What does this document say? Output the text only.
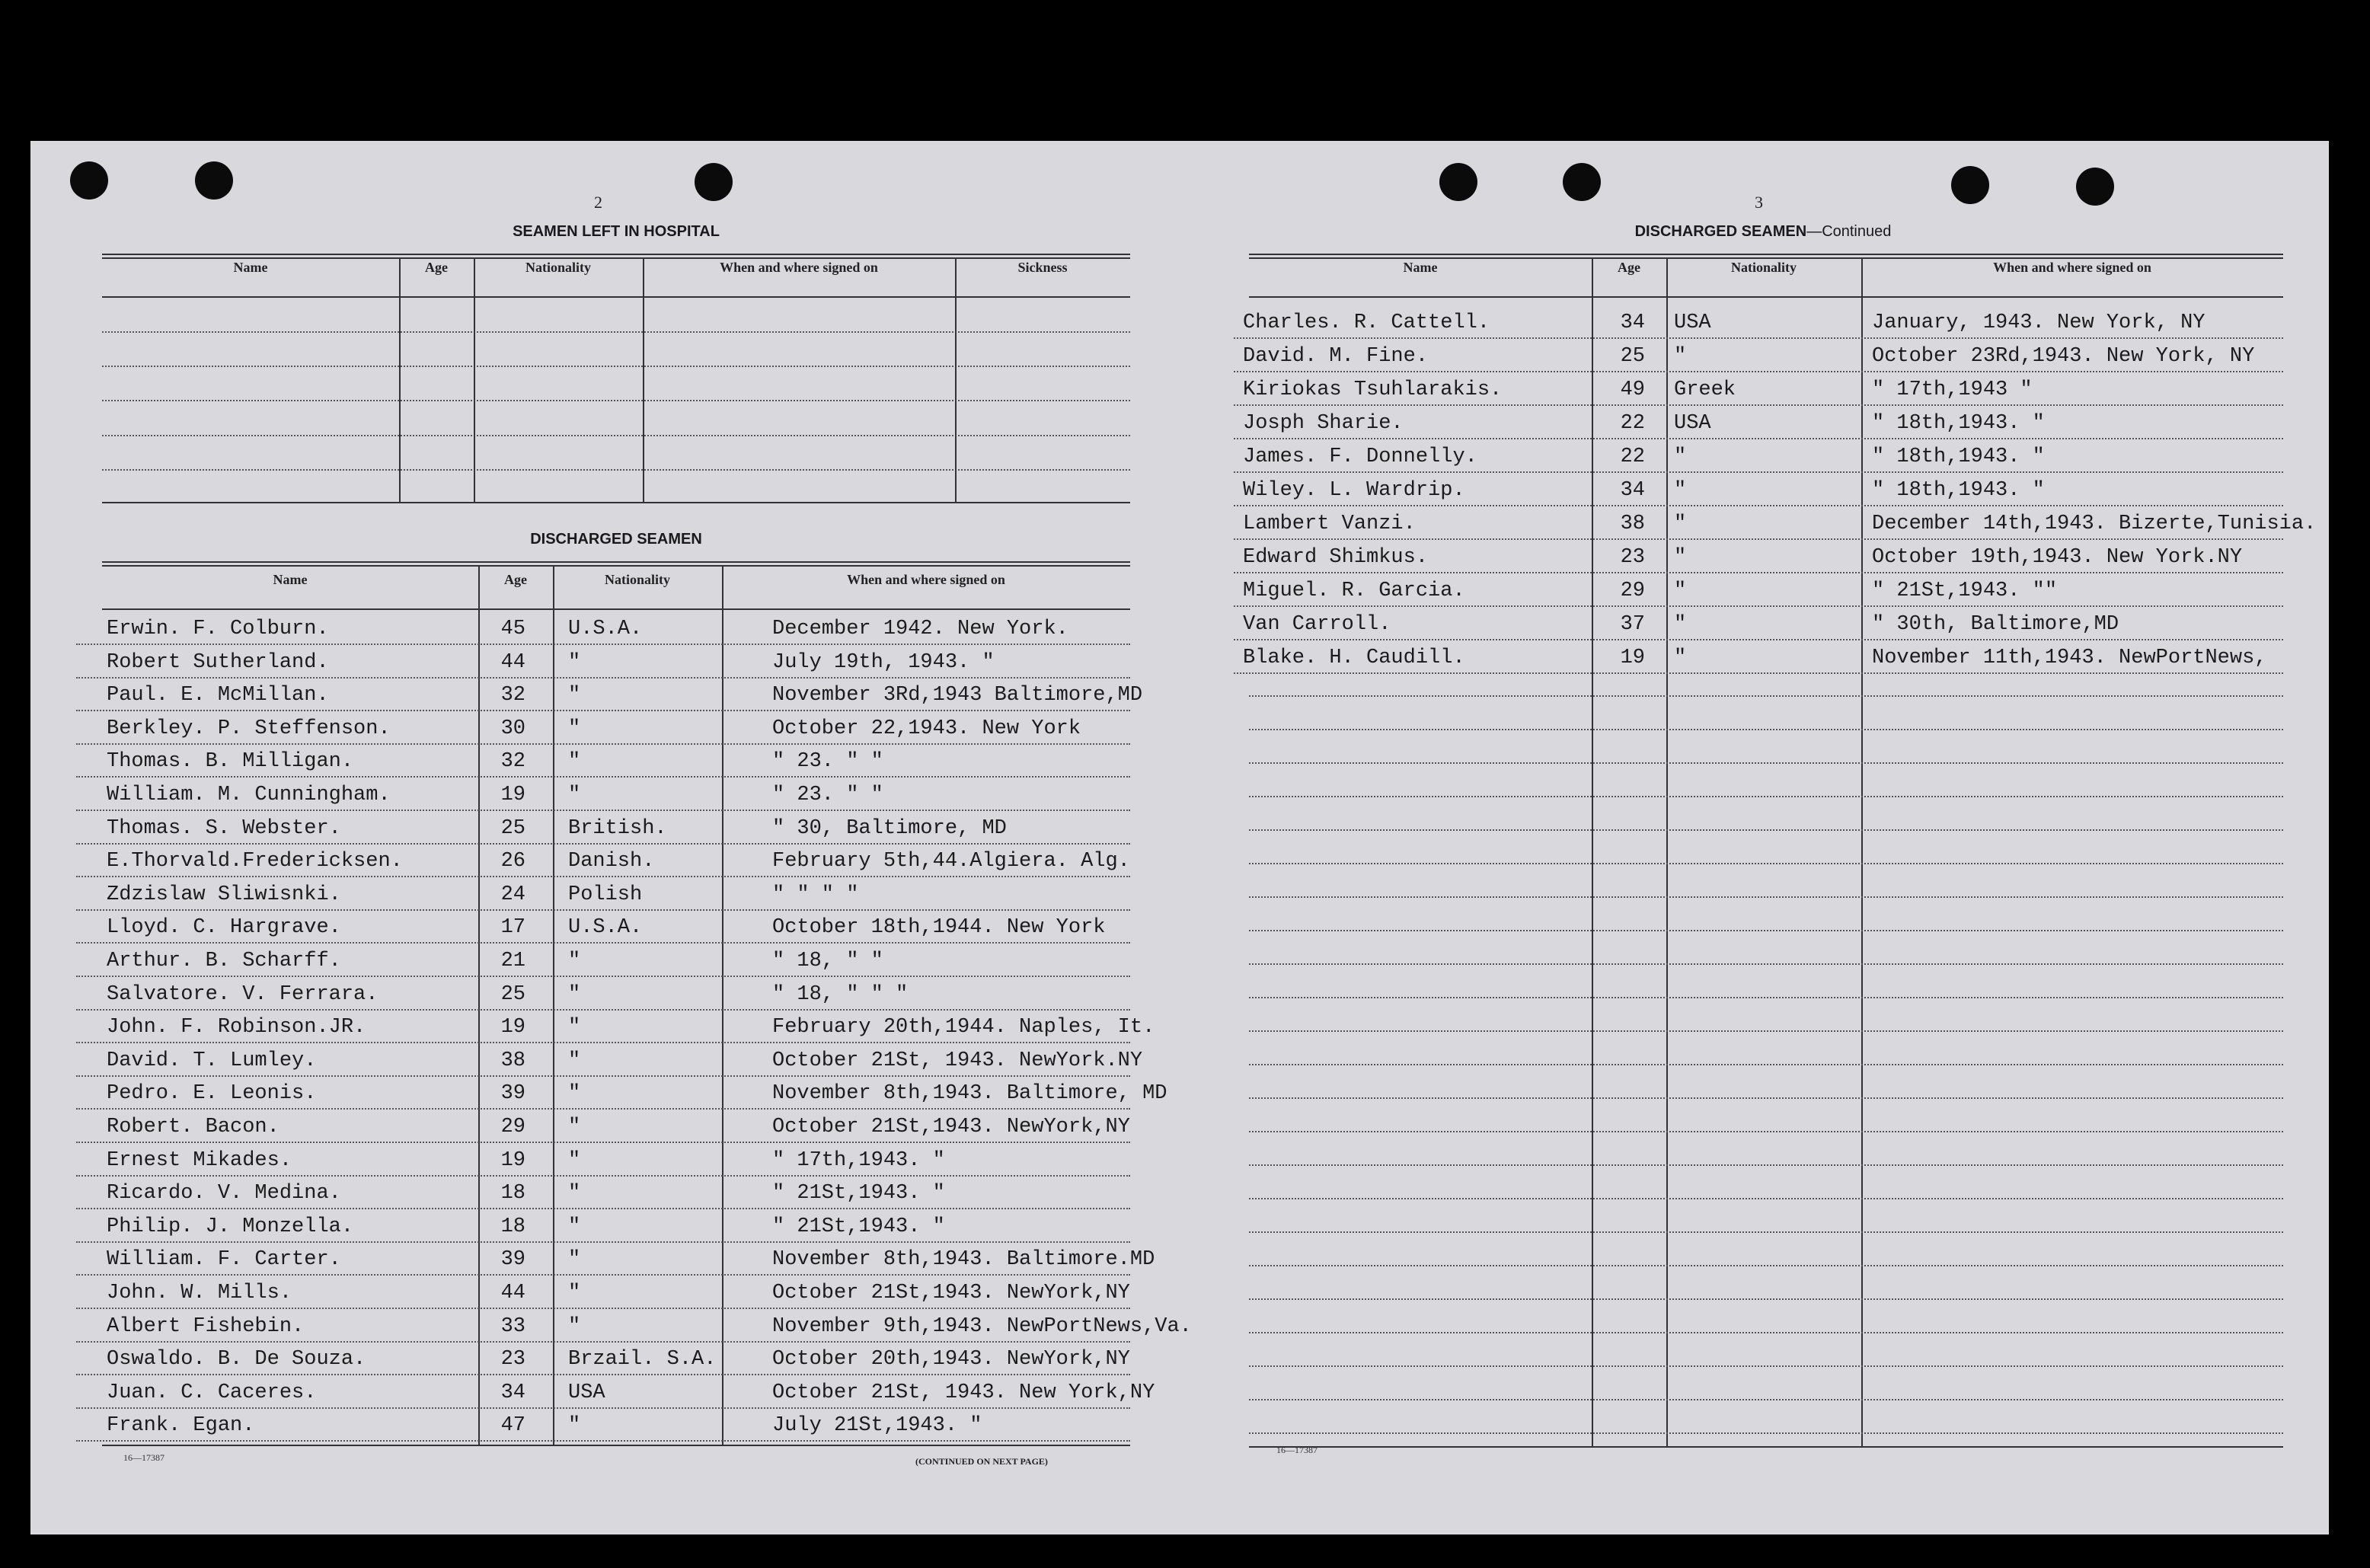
2
SEAMEN LEFT IN HOSPITAL
Name	Age	Nationality	When and where signed on	Sickness
DISCHARGED SEAMEN
Name	Age	Nationality	When and where signed on
Erwin. F. Colburn.	45 U.S.A.	December 1942. New York.
Robert Sutherland.	44 "	July 19th, 1943. "
Paul. E. McMillan.	32 "	November 3Rd,1943 Baltimore,MD
Berkley. P. Steffenson.	30 "	October 22,1943. New York
Thomas. B. Milligan.	32 "	" 23. " "
William. M. Cunningham.	19 "	" 23. " "
Thomas. S. Webster.	25 British.	" 30, Baltimore, MD
E.Thorvald.Fredericksen.	26 Danish.	February 5th,44.Algiera. Alg.
Zdzislaw Sliwisnki.	24 Polish	" " " "
Lloyd. C. Hargrave.	17 U.S.A.	October 18th,1944. New York
Arthur. B. Scharff.	21 "	" 18, " "
Salvatore. V. Ferrara.	25 "	" 18, " " "
John. F. Robinson.JR.	19 "	February 20th,1944. Naples, It.
David. T. Lumley.	38 "	October 21St, 1943. NewYork.NY
Pedro. E. Leonis.	39 "	November 8th,1943. Baltimore, MD
Robert. Bacon.	29 "	October 21St,1943. NewYork,NY
Ernest Mikades.	19 "	" 17th,1943. "
Ricardo. V. Medina.	18 "	" 21St,1943. "
Philip. J. Monzella.	18 "	" 21St,1943. "
William. F. Carter.	39 "	November 8th,1943. Baltimore.MD
John. W. Mills.	44 "	October 21St,1943. NewYork,NY
Albert Fishebin.	33 "	November 9th,1943. NewPortNews,Va.
Oswaldo. B. De Souza.	23 Brzail. S.A.	October 20th,1943. NewYork,NY
Juan. C. Caceres.	34 USA	October 21St, 1943. New York,NY
Frank. Egan.	47 "	July 21St,1943. "
16—17387	(CONTINUED ON NEXT PAGE)
3
DISCHARGED SEAMEN—Continued
Name	Age	Nationality	When and where signed on
Charles. R. Cattell.	34 USA	January, 1943. New York, NY
David. M. Fine.	25 "	October 23Rd,1943. New York, NY
Kiriokas Tsuhlarakis.	49 Greek	" 17th,1943 "
Josph Sharie.	22 USA	" 18th,1943. "
James. F. Donnelly.	22 "	" 18th,1943. "
Wiley. L. Wardrip.	34 "	" 18th,1943. "
Lambert Vanzi.	38 "	December 14th,1943. Bizerte,Tunisia.
Edward Shimkus.	23 "	October 19th,1943. New York.NY
Miguel. R. Garcia.	29 "	" 21St,1943. ""
Van Carroll.	37 "	" 30th, Baltimore,MD
Blake. H. Caudill.	19 "	November 11th,1943. NewPortNews,
16—17387
